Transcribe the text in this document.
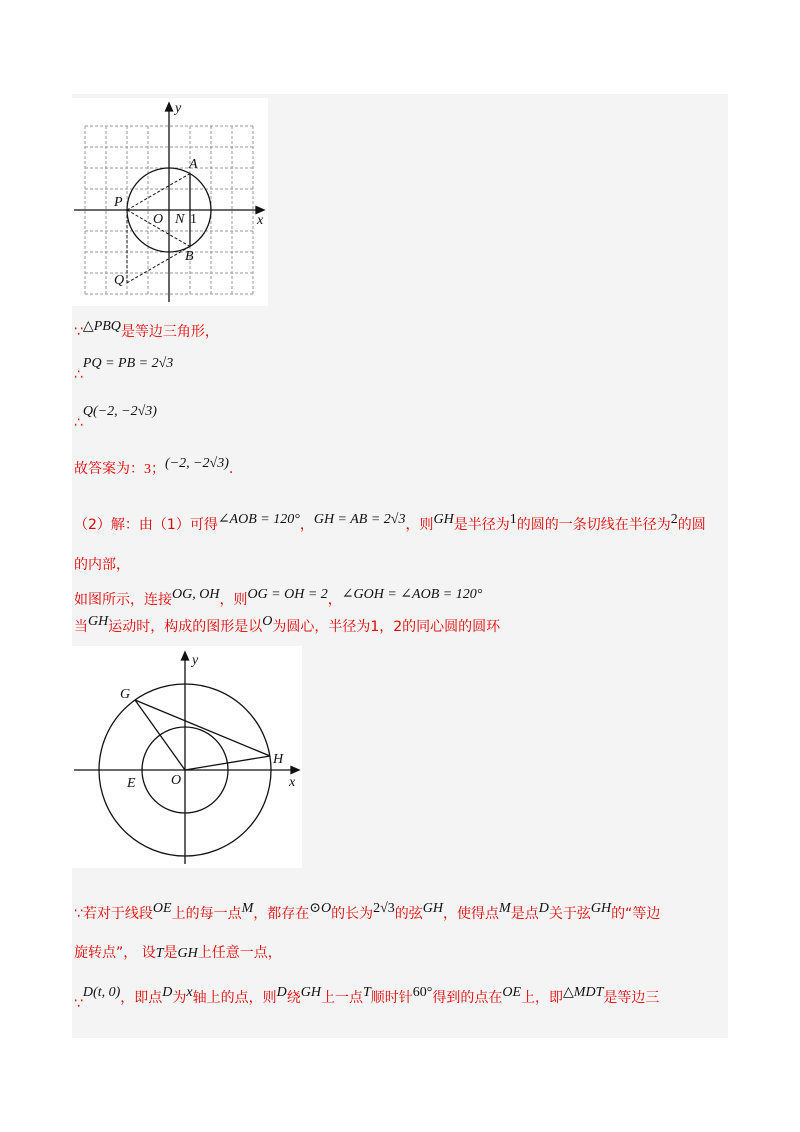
y
x
A
P
O N 1
B
Q
∵△PBQ是等边三角形，
∴PQ = PB = 2√3
∴Q(−2, −2√3)
故答案为：3；(−2, −2√3).
（2）解：由（1）可得∠AOB = 120°，GH = AB = 2√3，则GH是半径为1的圆的一条切线在半径为2的圆
的内部，
如图所示，连接OG, OH，则OG = OH = 2，∠GOH = ∠AOB = 120°
当GH运动时，构成的图形是以O为圆心，半径为1，2的同心圆的圆环
y
G
H
E	O	x
∵若对于线段OE上的每一点M，都存在⊙O的长为2√3的弦GH，使得点M是点D关于弦GH的“等边
旋转点”， 设T是GH上任意一点，
∵D(t, 0)，即点D为x轴上的点，则D绕GH上一点T顺时针60°得到的点在OE上，即△MDT是等边三
